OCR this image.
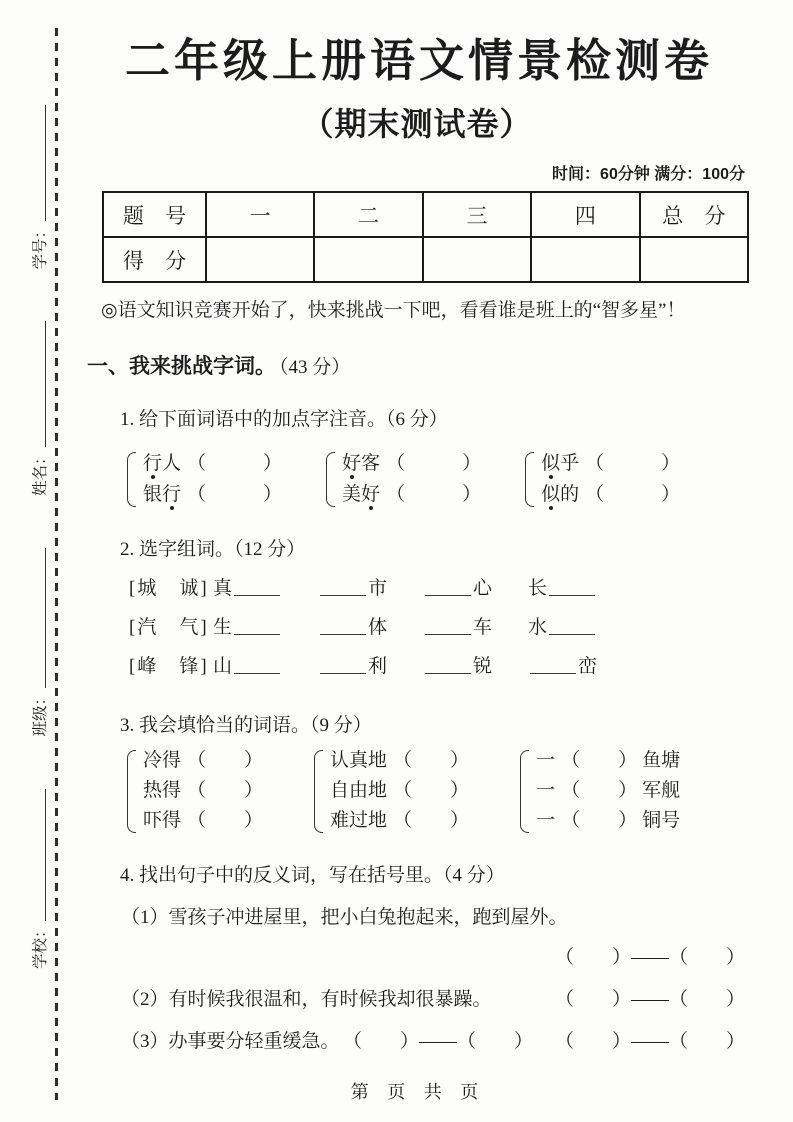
学校：
班级：
姓名：
学号：
二年级上册语文情景检测卷
（期末测试卷）
时间：60分钟 满分：100分
题 号	一	二	三	四	总 分
得 分					
◎语文知识竞赛开始了，快来挑战一下吧，看看谁是班上的“智多星”！
一、我来挑战字词。 （43 分）
1. 给下面词语中的加点字注音。（6 分）
行人 （　　　）
银行 （　　　）
好客 （　　　）
美好 （　　　）
似乎 （　　　）
似的 （　　　）
2. 选字组词。（12 分）
[城　诚] 真	市	心 长
[汽　气] 生	体	车 水
[峰　锋] 山	利	锐	峦
3. 我会填恰当的词语。（9 分）
冷得 （　　）
热得 （　　）
吓得 （　　）
认真地 （　　）
自由地 （　　）
难过地 （　　）
一 （　　） 鱼塘
一 （　　） 军舰
一 （　　） 铜号
4. 找出句子中的反义词，写在括号里。（4 分）
（1）雪孩子冲进屋里，把小白兔抱起来，跑到屋外。
（　　）——（　　）
（2）有时候我很温和，有时候我却很暴躁。	（　　）——（　　）
（3）办事要分轻重缓急。 （　　）——（　　） （　　）——（　　）
第 页 共 页
